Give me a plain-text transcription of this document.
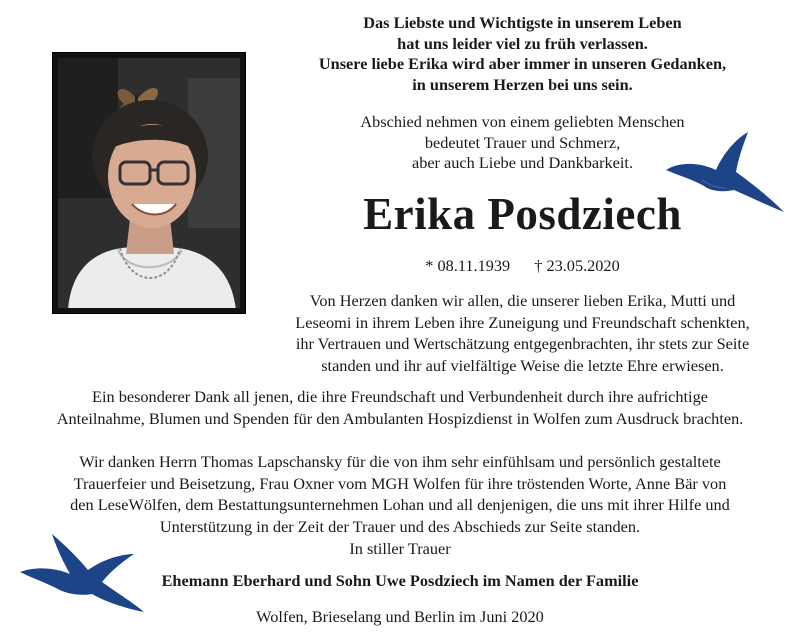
Das Liebste und Wichtigste in unserem Leben
hat uns leider viel zu früh verlassen.
Unsere liebe Erika wird aber immer in unseren Gedanken,
in unserem Herzen bei uns sein.
Abschied nehmen von einem geliebten Menschen
bedeutet Trauer und Schmerz,
aber auch Liebe und Dankbarkeit.
Erika Posdziech
* 08.11.1939 † 23.05.2020
Von Herzen danken wir allen, die unserer lieben Erika, Mutti und
Leseomi in ihrem Leben ihre Zuneigung und Freundschaft schenkten,
ihr Vertrauen und Wertschätzung entgegenbrachten, ihr stets zur Seite
standen und ihr auf vielfältige Weise die letzte Ehre erwiesen.
Ein besonderer Dank all jenen, die ihre Freundschaft und Verbundenheit durch ihre aufrichtige
Anteilnahme, Blumen und Spenden für den Ambulanten Hospizdienst in Wolfen zum Ausdruck brachten.
Wir danken Herrn Thomas Lapschansky für die von ihm sehr einfühlsam und persönlich gestaltete
Trauerfeier und Beisetzung, Frau Oxner vom MGH Wolfen für ihre tröstenden Worte, Anne Bär von
den LeseWölfen, dem Bestattungsunternehmen Lohan und all denjenigen, die uns mit ihrer Hilfe und
Unterstützung in der Zeit der Trauer und des Abschieds zur Seite standen.
In stiller Trauer
Ehemann Eberhard und Sohn Uwe Posdziech im Namen der Familie
Wolfen, Brieselang und Berlin im Juni 2020
